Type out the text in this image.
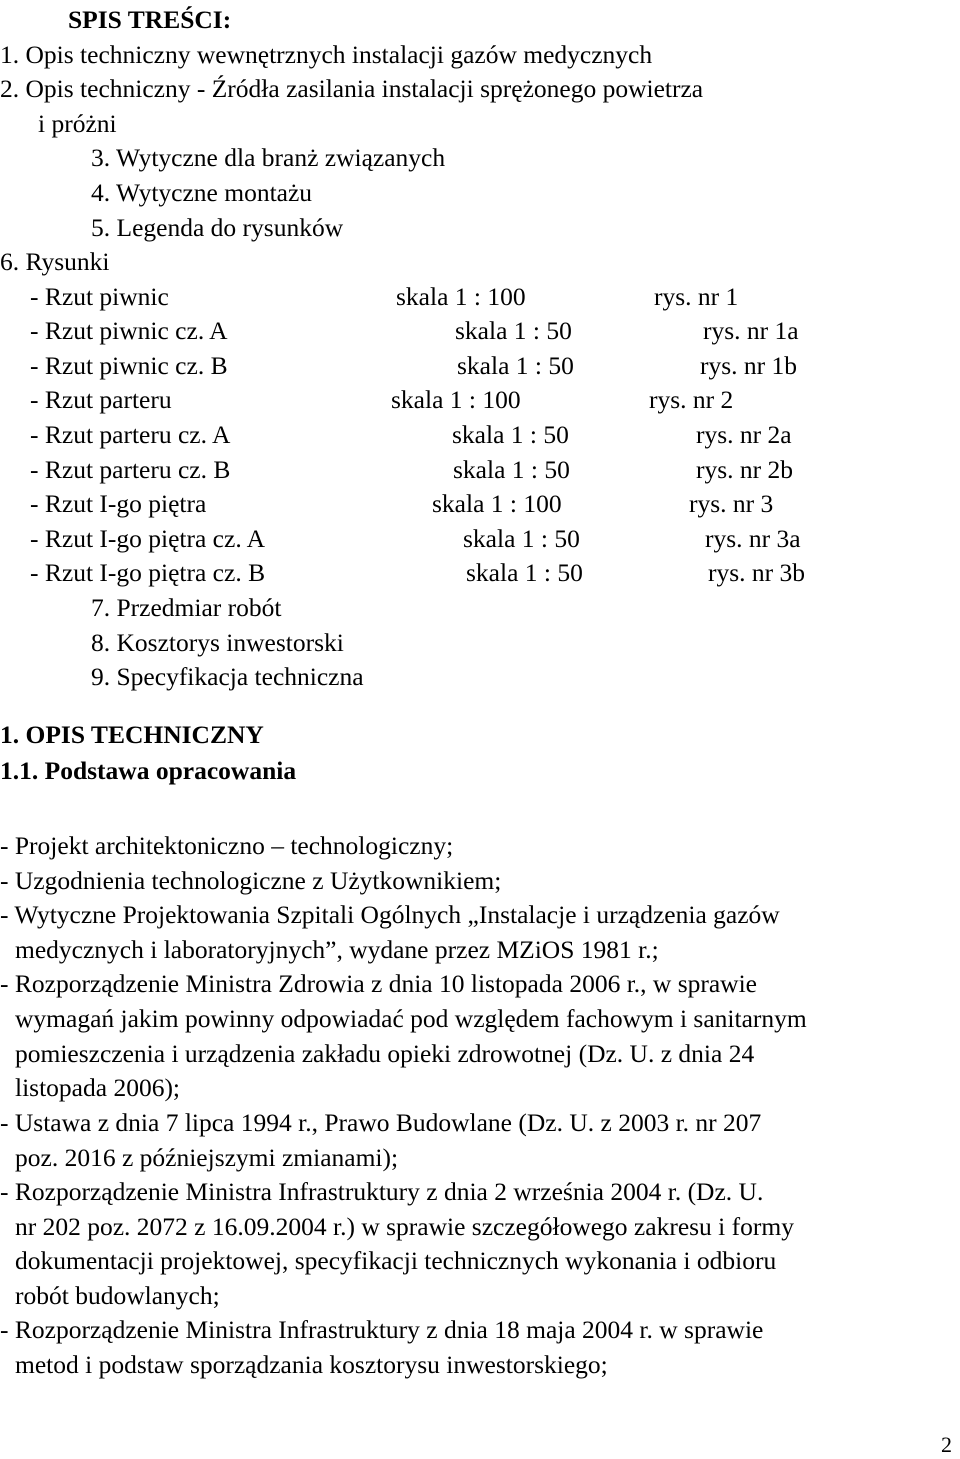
SPIS TREŚCI:
1. Opis techniczny wewnętrznych instalacji gazów medycznych
2. Opis techniczny - Źródła zasilania instalacji sprężonego powietrza
i próżni
3. Wytyczne dla branż związanych
4. Wytyczne montażu
5. Legenda do rysunków
6. Rysunki
- Rzut piwnic	skala 1 : 100	rys. nr 1
- Rzut piwnic cz. A	skala 1 : 50	rys. nr 1a
- Rzut piwnic cz. B	skala 1 : 50	rys. nr 1b
- Rzut parteru	skala 1 : 100	rys. nr 2
- Rzut parteru cz. A	skala 1 : 50	rys. nr 2a
- Rzut parteru cz. B	skala 1 : 50	rys. nr 2b
- Rzut I-go piętra	skala 1 : 100	rys. nr 3
- Rzut I-go piętra cz. A	skala 1 : 50	rys. nr 3a
- Rzut I-go piętra cz. B	skala 1 : 50	rys. nr 3b
7. Przedmiar robót
8. Kosztorys inwestorski
9. Specyfikacja techniczna
1. OPIS TECHNICZNY
1.1. Podstawa opracowania
- Projekt architektoniczno – technologiczny;
- Uzgodnienia technologiczne z Użytkownikiem;
- Wytyczne Projektowania Szpitali Ogólnych „Instalacje i urządzenia gazów
medycznych i laboratoryjnych”, wydane przez MZiOS 1981 r.;
- Rozporządzenie Ministra Zdrowia z dnia 10 listopada 2006 r., w sprawie
wymagań jakim powinny odpowiadać pod względem fachowym i sanitarnym
pomieszczenia i urządzenia zakładu opieki zdrowotnej (Dz. U. z dnia 24
listopada 2006);
- Ustawa z dnia 7 lipca 1994 r., Prawo Budowlane (Dz. U. z 2003 r. nr 207
poz. 2016 z późniejszymi zmianami);
- Rozporządzenie Ministra Infrastruktury z dnia 2 września 2004 r. (Dz. U.
nr 202 poz. 2072 z 16.09.2004 r.) w sprawie szczegółowego zakresu i formy
dokumentacji projektowej, specyfikacji technicznych wykonania i odbioru
robót budowlanych;
- Rozporządzenie Ministra Infrastruktury z dnia 18 maja 2004 r. w sprawie
metod i podstaw sporządzania kosztorysu inwestorskiego;
2
